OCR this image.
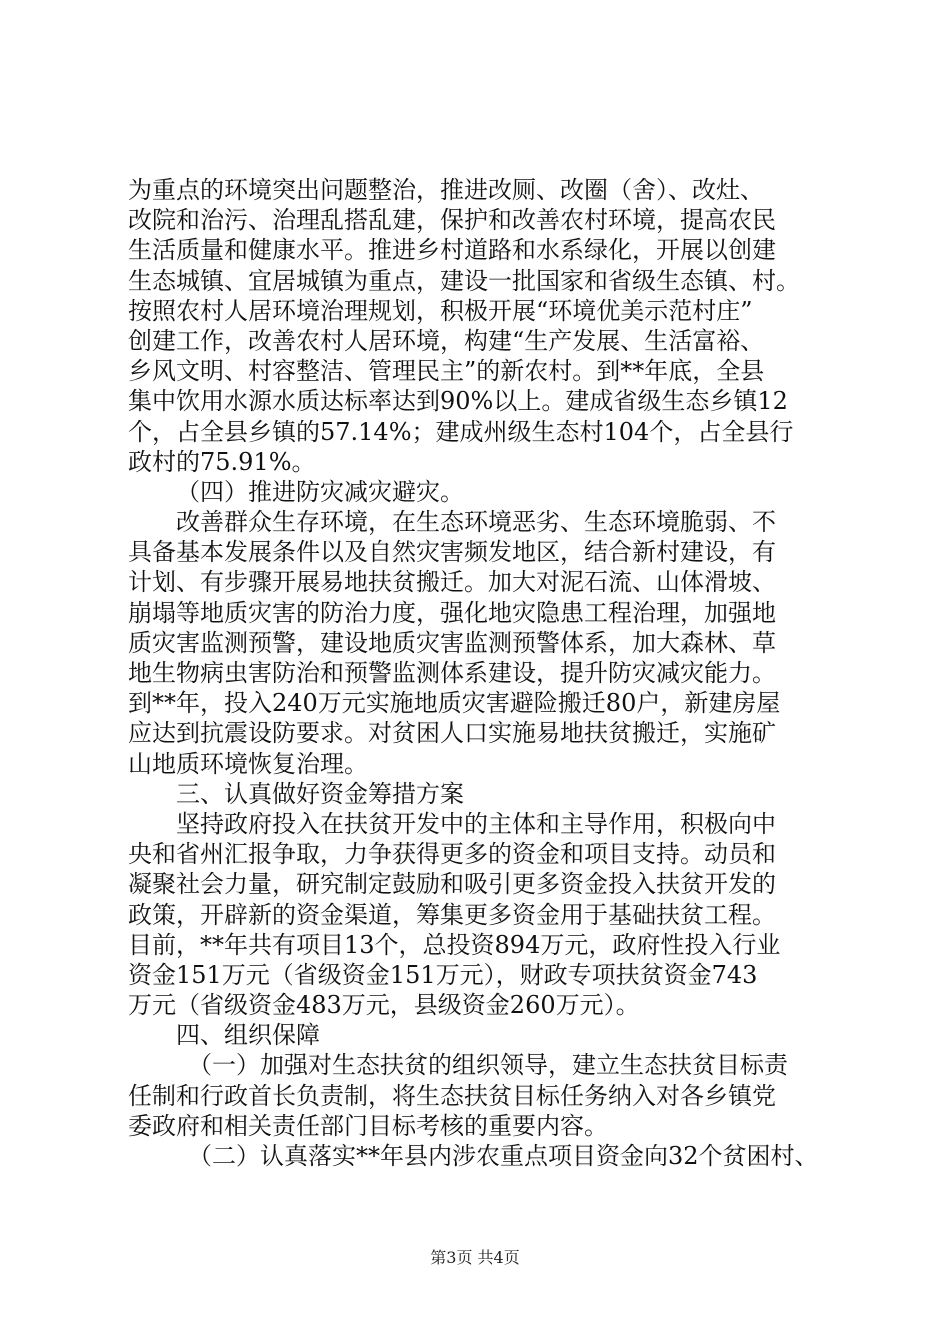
为重点的环境突出问题整治，推进改厕、改圈（舍）、改灶、
改院和治污、治理乱搭乱建，保护和改善农村环境，提高农民
生活质量和健康水平。推进乡村道路和水系绿化，开展以创建
生态城镇、宜居城镇为重点，建设一批国家和省级生态镇、村。
按照农村人居环境治理规划，积极开展“环境优美示范村庄”
创建工作，改善农村人居环境，构建“生产发展、生活富裕、
乡风文明、村容整洁、管理民主”的新农村。到**年底，全县
集中饮用水源水质达标率达到90%以上。建成省级生态乡镇12
个，占全县乡镇的57.14%；建成州级生态村104个，占全县行
政村的75.91%。
（四）推进防灾减灾避灾。
改善群众生存环境，在生态环境恶劣、生态环境脆弱、不
具备基本发展条件以及自然灾害频发地区，结合新村建设，有
计划、有步骤开展易地扶贫搬迁。加大对泥石流、山体滑坡、
崩塌等地质灾害的防治力度，强化地灾隐患工程治理，加强地
质灾害监测预警，建设地质灾害监测预警体系，加大森林、草
地生物病虫害防治和预警监测体系建设，提升防灾减灾能力。
到**年，投入240万元实施地质灾害避险搬迁80户，新建房屋
应达到抗震设防要求。对贫困人口实施易地扶贫搬迁，实施矿
山地质环境恢复治理。
三、认真做好资金筹措方案
坚持政府投入在扶贫开发中的主体和主导作用，积极向中
央和省州汇报争取，力争获得更多的资金和项目支持。动员和
凝聚社会力量，研究制定鼓励和吸引更多资金投入扶贫开发的
政策，开辟新的资金渠道，筹集更多资金用于基础扶贫工程。
目前，**年共有项目13个，总投资894万元，政府性投入行业
资金151万元（省级资金151万元），财政专项扶贫资金743
万元（省级资金483万元，县级资金260万元）。
四、组织保障
（一）加强对生态扶贫的组织领导，建立生态扶贫目标责
任制和行政首长负责制，将生态扶贫目标任务纳入对各乡镇党
委政府和相关责任部门目标考核的重要内容。
（二）认真落实**年县内涉农重点项目资金向32个贫困村、
第3页 共4页
